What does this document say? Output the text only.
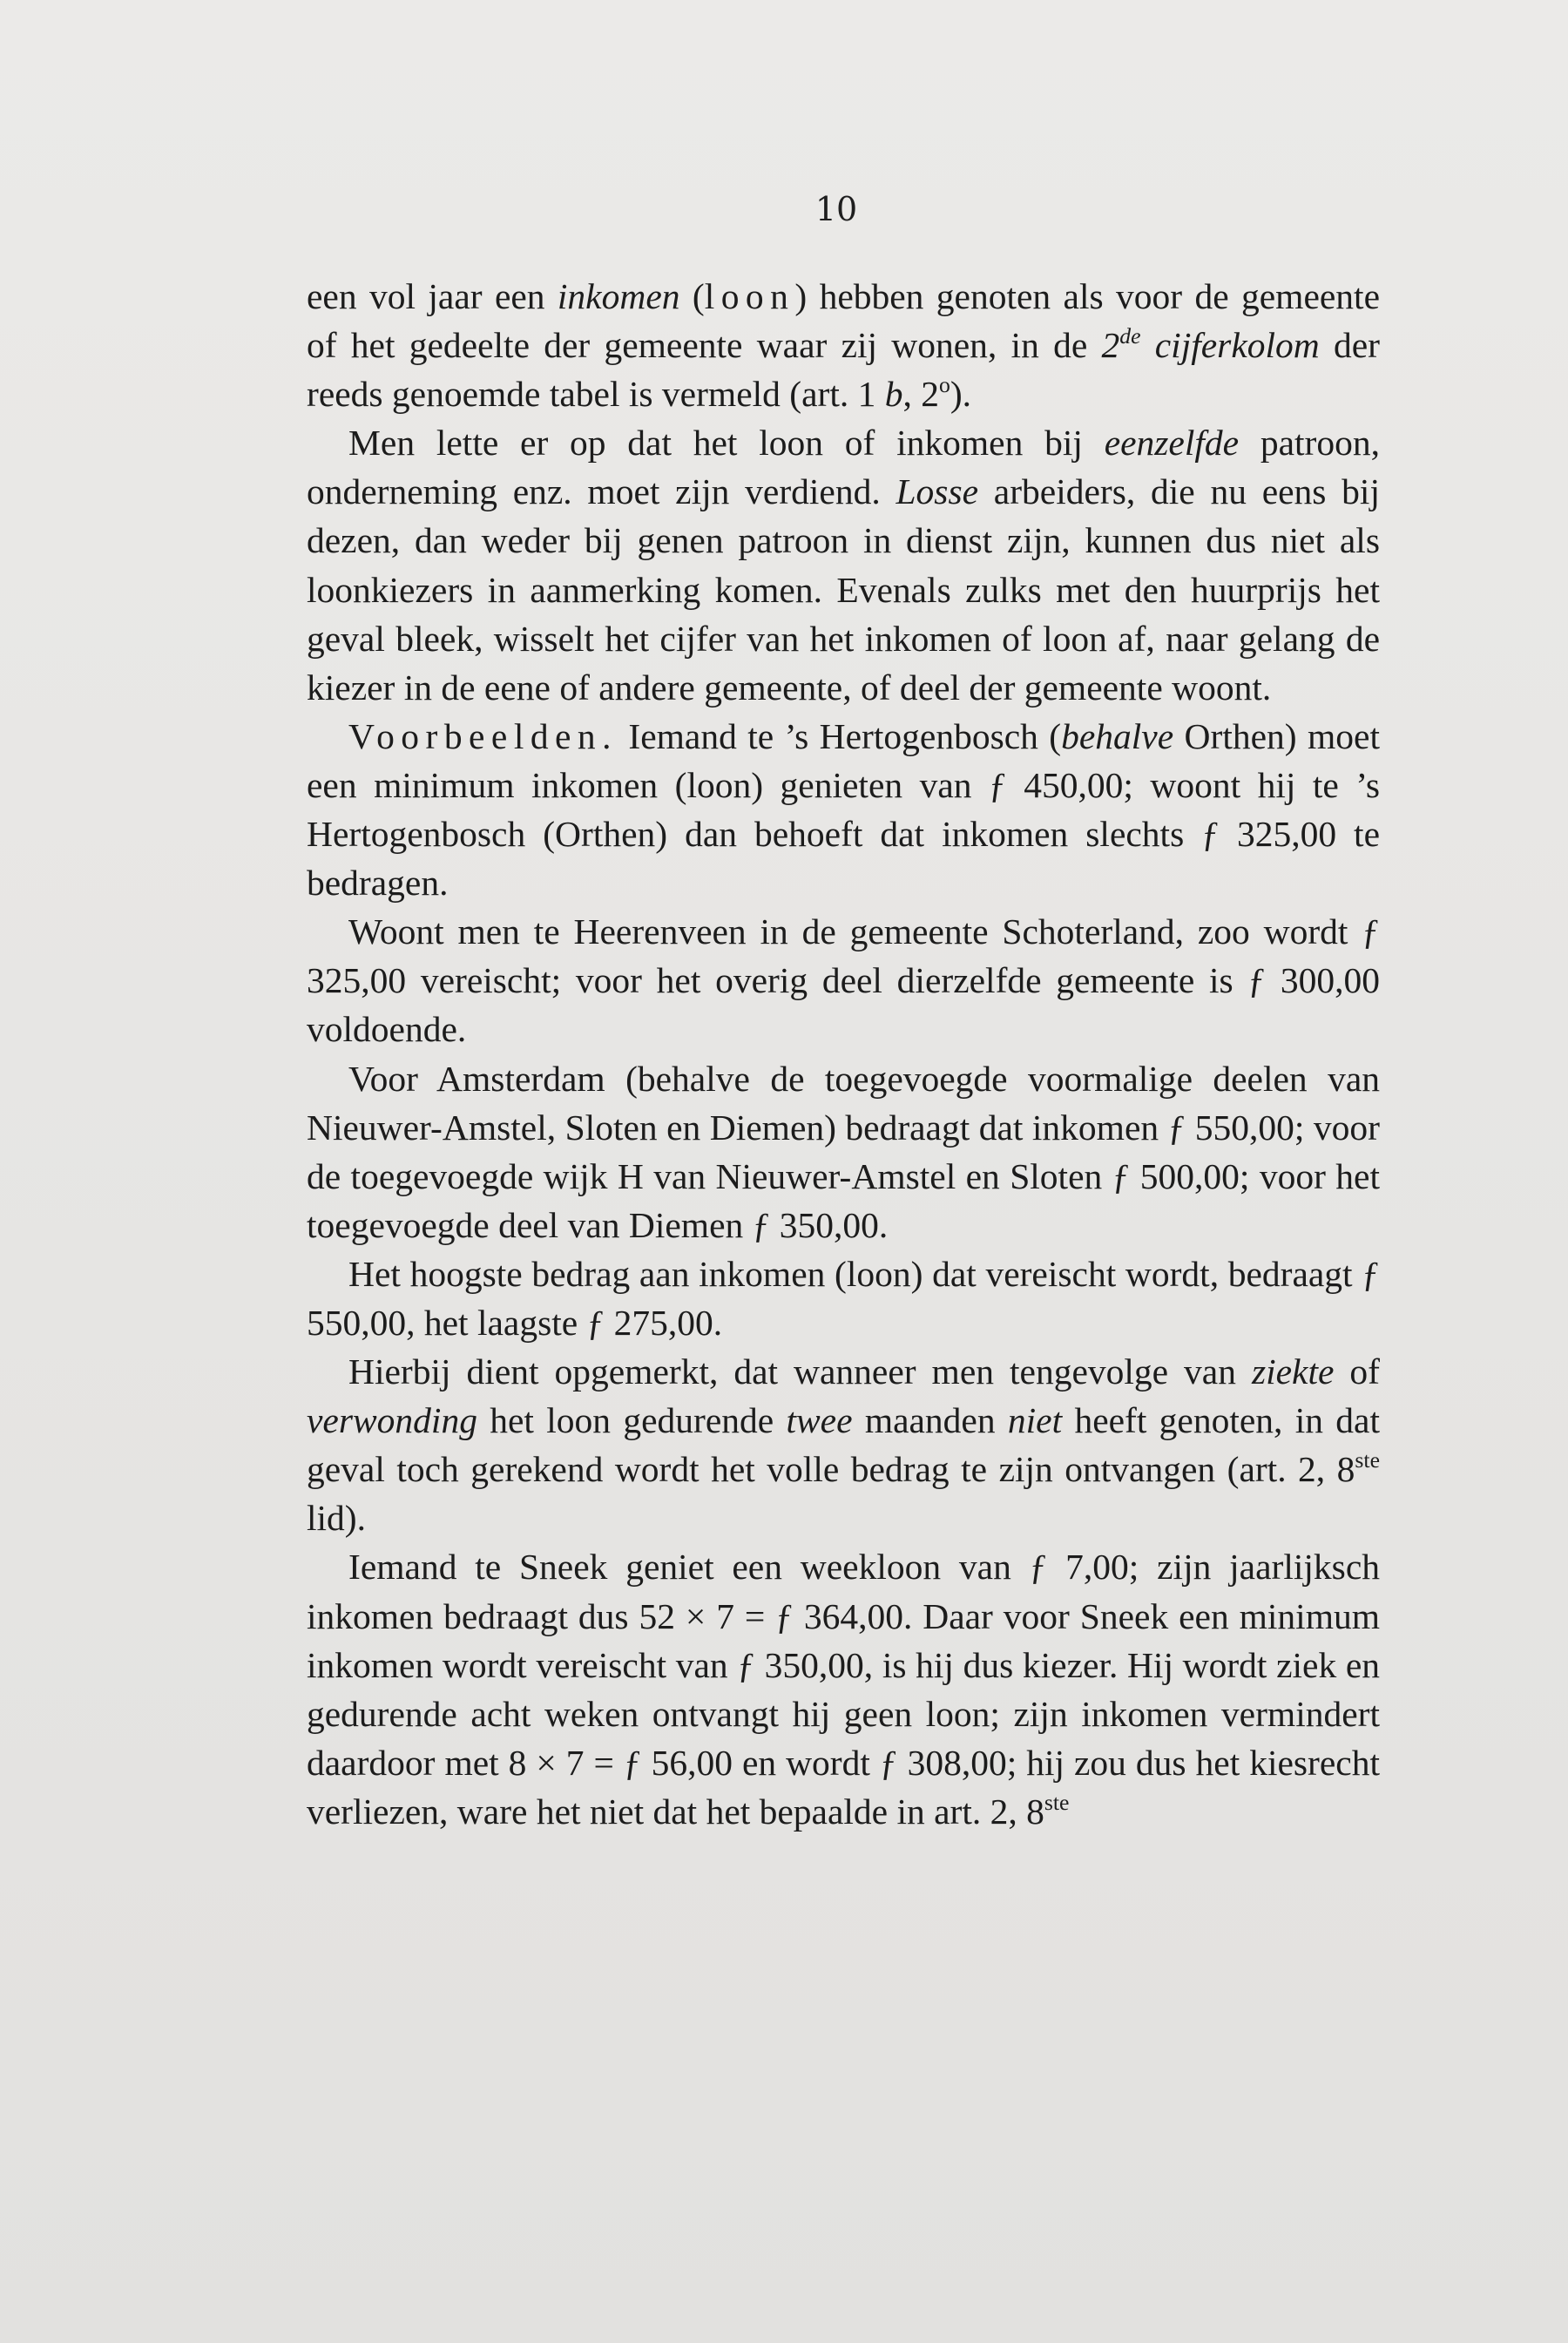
10

een vol jaar een inkomen (loon) hebben genoten als voor de gemeente of het gedeelte der gemeente waar zij wonen, in de 2de cijferkolom der reeds genoemde tabel is vermeld (art. 1 b, 2$^o$).

Men lette er op dat het loon of inkomen bij eenzelfde patroon, onderneming enz. moet zijn verdiend. Losse arbeiders, die nu eens bij dezen, dan weder bij genen patroon in dienst zijn, kunnen dus niet als loonkiezers in aanmerking komen. Evenals zulks met den huurprijs het geval bleek, wisselt het cijfer van het inkomen of loon af, naar gelang de kiezer in de eene of andere gemeente, of deel der gemeente woont.

Voorbeelden. Iemand te ’s Hertogenbosch (behalve Orthen) moet een minimum inkomen (loon) genieten van ƒ 450,00; woont hij te ’s Hertogenbosch (Orthen) dan behoeft dat inkomen slechts ƒ 325,00 te bedragen.

Woont men te Heerenveen in de gemeente Schoterland, zoo wordt ƒ 325,00 vereischt; voor het overig deel dierzelfde gemeente is ƒ 300,00 voldoende.

Voor Amsterdam (behalve de toegevoegde voormalige deelen van Nieuwer-Amstel, Sloten en Diemen) bedraagt dat inkomen ƒ 550,00; voor de toegevoegde wijk H van Nieuwer-Amstel en Sloten ƒ 500,00; voor het toegevoegde deel van Diemen ƒ 350,00.

Het hoogste bedrag aan inkomen (loon) dat vereischt wordt, bedraagt ƒ 550,00, het laagste ƒ 275,00.

Hierbij dient opgemerkt, dat wanneer men tengevolge van ziekte of verwonding het loon gedurende twee maanden niet heeft genoten, in dat geval toch gerekend wordt het volle bedrag te zijn ontvangen (art. 2, 8ste lid).

Iemand te Sneek geniet een weekloon van ƒ 7,00; zijn jaarlijksch inkomen bedraagt dus 52 × 7 = ƒ 364,00. Daar voor Sneek een minimum inkomen wordt vereischt van ƒ 350,00, is hij dus kiezer. Hij wordt ziek en gedurende acht weken ontvangt hij geen loon; zijn inkomen vermindert daardoor met 8 × 7 = ƒ 56,00 en wordt ƒ 308,00; hij zou dus het kiesrecht verliezen, ware het niet dat het bepaalde in art. 2, 8ste
